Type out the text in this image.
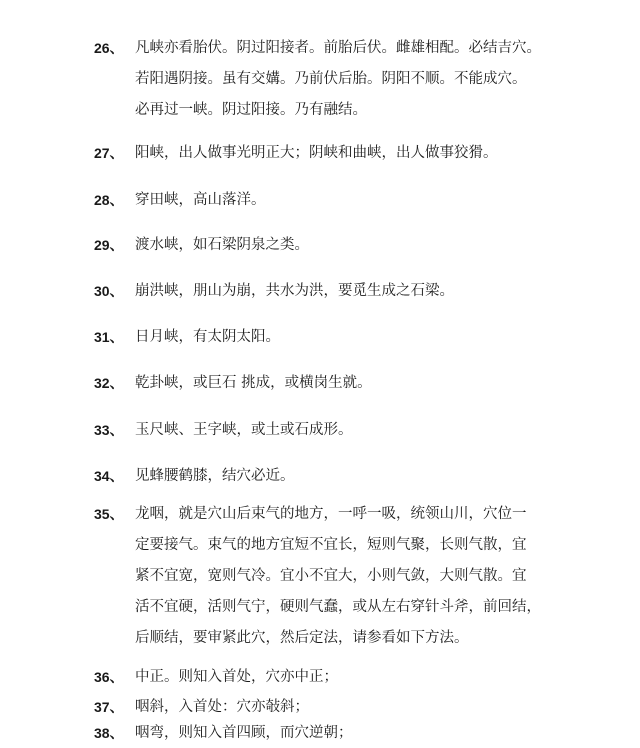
26、 凡峡亦看胎伏。阴过阳接者。前胎后伏。雌雄相配。必结吉穴。
若阳遇阴接。虽有交媾。乃前伏后胎。阴阳不顺。不能成穴。
必再过一峡。阴过阳接。乃有融结。
27、 阳峡，出人做事光明正大；阴峡和曲峡，出人做事狡猾。
28、 穿田峡，高山落洋。
29、 渡水峡，如石梁阴泉之类。
30、 崩洪峡，朋山为崩，共水为洪，要觅生成之石梁。
31、 日月峡，有太阴太阳。
32、 乾卦峡，或巨石 挑成，或横岗生就。
33、 玉尺峡、王字峡，或土或石成形。
34、 见蜂腰鹤膝，结穴必近。
35、 龙咽，就是穴山后束气的地方，一呼一吸，统领山川，穴位一
定要接气。束气的地方宜短不宜长，短则气聚，长则气散，宜
紧不宜宽，宽则气冷。宜小不宜大，小则气敛，大则气散。宜
活不宜硬，活则气宁，硬则气蠢，或从左右穿针斗斧，前回结，
后顺结，要审紧此穴，然后定法，请参看如下方法。
36、 中正。则知入首处，穴亦中正；
37、 咽斜，入首处：穴亦敧斜；
38、 咽弯，则知入首四顾，而穴逆朝；
